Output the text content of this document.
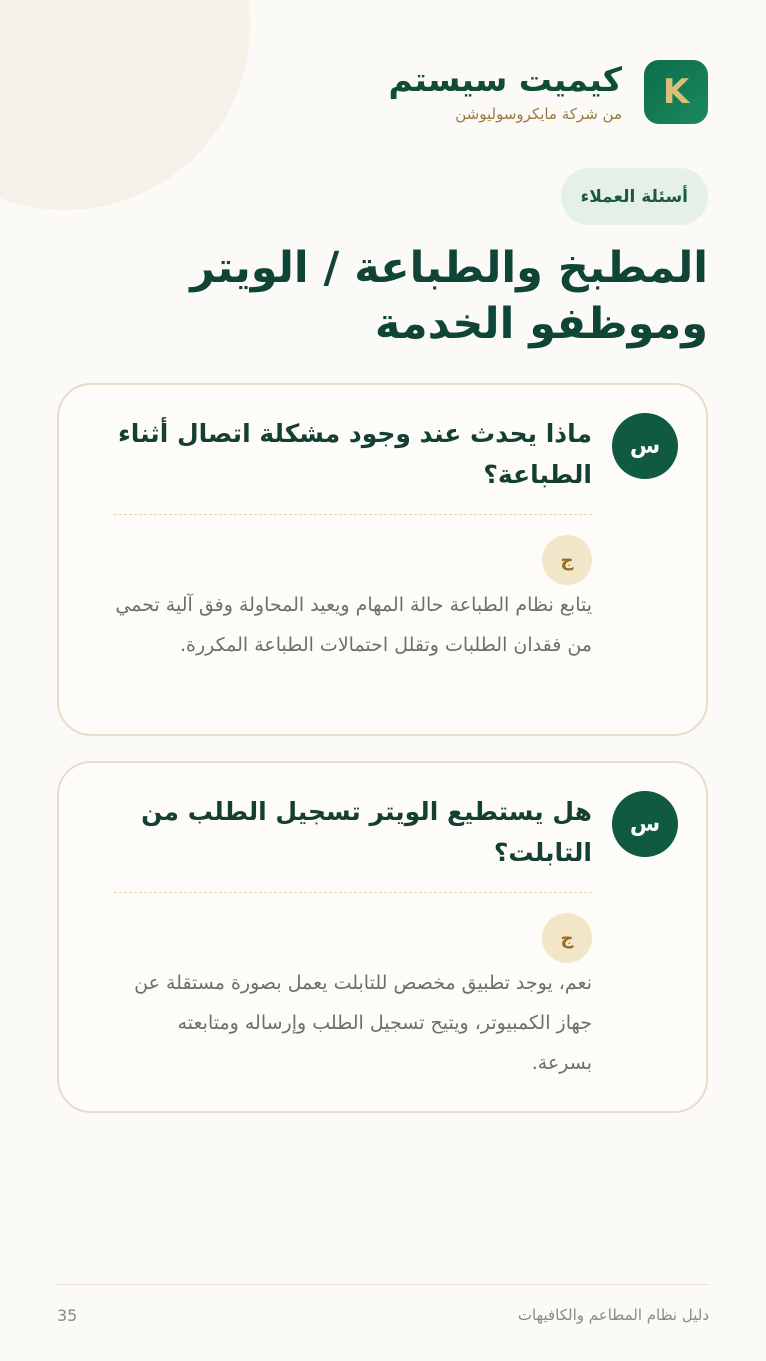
K
كيميت سيستم
من شركة مايكروسوليوشن
أسئلة العملاء
المطبخ والطباعة / الويتر وموظفو الخدمة
س
ماذا يحدث عند وجود مشكلة اتصال أثناء الطباعة؟
ج
يتابع نظام الطباعة حالة المهام ويعيد المحاولة وفق آلية تحمي من فقدان الطلبات وتقلل احتمالات الطباعة المكررة.
س
هل يستطيع الويتر تسجيل الطلب من التابلت؟
ج
نعم، يوجد تطبيق مخصص للتابلت يعمل بصورة مستقلة عن جهاز الكمبيوتر، ويتيح تسجيل الطلب وإرساله ومتابعته بسرعة.
دليل نظام المطاعم والكافيهات
35
